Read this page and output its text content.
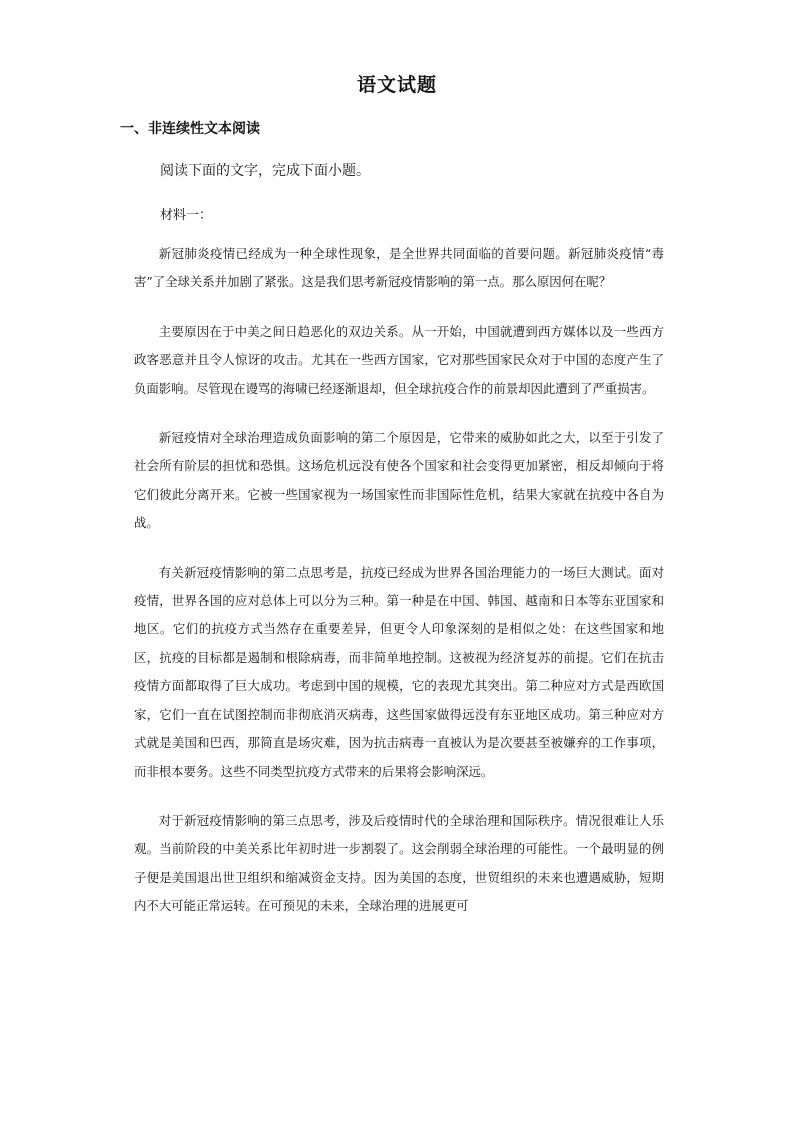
语文试题
一、非连续性文本阅读

阅读下面的文字，完成下面小题。

材料一：

新冠肺炎疫情已经成为一种全球性现象，是全世界共同面临的首要问题。新冠肺炎疫情“毒害”了全球关系并加剧了紧张。这是我们思考新冠疫情影响的第一点。那么原因何在呢？

主要原因在于中美之间日趋恶化的双边关系。从一开始，中国就遭到西方媒体以及一些西方政客恶意并且令人惊讶的攻击。尤其在一些西方国家，它对那些国家民众对于中国的态度产生了负面影响。尽管现在谩骂的海啸已经逐渐退却，但全球抗疫合作的前景却因此遭到了严重损害。

新冠疫情对全球治理造成负面影响的第二个原因是，它带来的威胁如此之大，以至于引发了社会所有阶层的担忧和恐惧。这场危机远没有使各个国家和社会变得更加紧密，相反却倾向于将它们彼此分离开来。它被一些国家视为一场国家性而非国际性危机，结果大家就在抗疫中各自为战。

有关新冠疫情影响的第二点思考是，抗疫已经成为世界各国治理能力的一场巨大测试。面对疫情，世界各国的应对总体上可以分为三种。第一种是在中国、韩国、越南和日本等东亚国家和地区。它们的抗疫方式当然存在重要差异，但更令人印象深刻的是相似之处：在这些国家和地区，抗疫的目标都是遏制和根除病毒，而非简单地控制。这被视为经济复苏的前提。它们在抗击疫情方面都取得了巨大成功。考虑到中国的规模，它的表现尤其突出。第二种应对方式是西欧国家，它们一直在试图控制而非彻底消灭病毒，这些国家做得远没有东亚地区成功。第三种应对方式就是美国和巴西，那简直是场灾难，因为抗击病毒一直被认为是次要甚至被嫌弃的工作事项，而非根本要务。这些不同类型抗疫方式带来的后果将会影响深远。

对于新冠疫情影响的第三点思考，涉及后疫情时代的全球治理和国际秩序。情况很难让人乐观。当前阶段的中美关系比年初时进一步割裂了。这会削弱全球治理的可能性。一个最明显的例子便是美国退出世卫组织和缩减资金支持。因为美国的态度，世贸组织的未来也遭遇威胁，短期内不大可能正常运转。在可预见的未来，全球治理的进展更可
